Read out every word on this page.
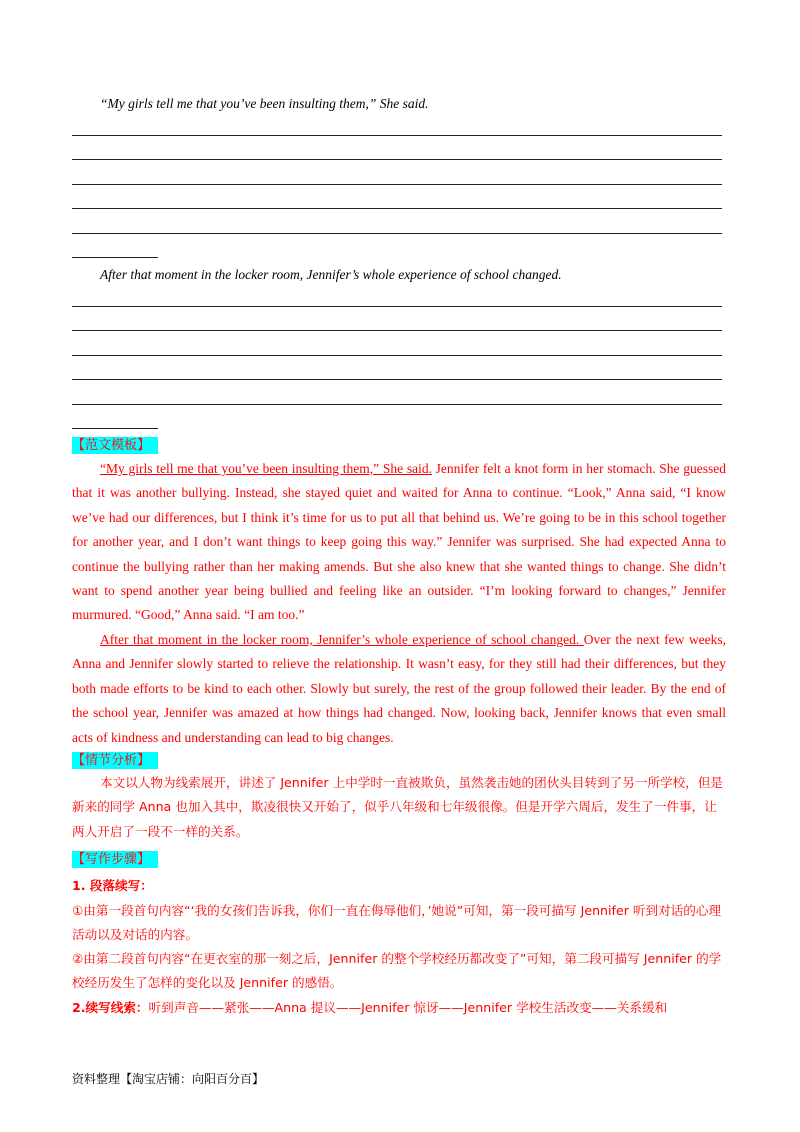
“My girls tell me that you’ve been insulting them,” She said.
After that moment in the locker room, Jennifer’s whole experience of school changed.
【范文模板】

“My girls tell me that you’ve been insulting them,” She said. Jennifer felt a knot form in her stomach. She guessed that it was another bullying. Instead, she stayed quiet and waited for Anna to continue. “Look,” Anna said, “I know we’ve had our differences, but I think it’s time for us to put all that behind us. We’re going to be in this school together for another year, and I don’t want things to keep going this way.” Jennifer was surprised. She had expected Anna to continue the bullying rather than her making amends. But she also knew that she wanted things to change. She didn’t want to spend another year being bullied and feeling like an outsider. “I’m looking forward to changes,” Jennifer murmured. “Good,” Anna said. “I am too.”

After that moment in the locker room, Jennifer’s whole experience of school changed. Over the next few weeks, Anna and Jennifer slowly started to relieve the relationship. It wasn’t easy, for they still had their differences, but they both made efforts to be kind to each other. Slowly but surely, the rest of the group followed their leader. By the end of the school year, Jennifer was amazed at how things had changed. Now, looking back, Jennifer knows that even small acts of kindness and understanding can lead to big changes.

【情节分析】

本文以人物为线索展开，讲述了 Jennifer 上中学时一直被欺负，虽然袭击她的团伙头目转到了另一所学校，但是新来的同学 Anna 也加入其中，欺凌很快又开始了，似乎八年级和七年级很像。但是开学六周后，发生了一件事，让两人开启了一段不一样的关系。

【写作步骤】

1. 段落续写：

①由第一段首句内容“‘我的女孩们告诉我，你们一直在侮辱他们，’她说”可知，第一段可描写 Jennifer 听到对话的心理活动以及对话的内容。

②由第二段首句内容“在更衣室的那一刻之后，Jennifer 的整个学校经历都改变了”可知，第二段可描写 Jennifer 的学校经历发生了怎样的变化以及 Jennifer 的感悟。

2.续写线索：听到声音——紧张——Anna 提议——Jennifer 惊讶——Jennifer 学校生活改变——关系缓和

资料整理【淘宝店铺：向阳百分百】
